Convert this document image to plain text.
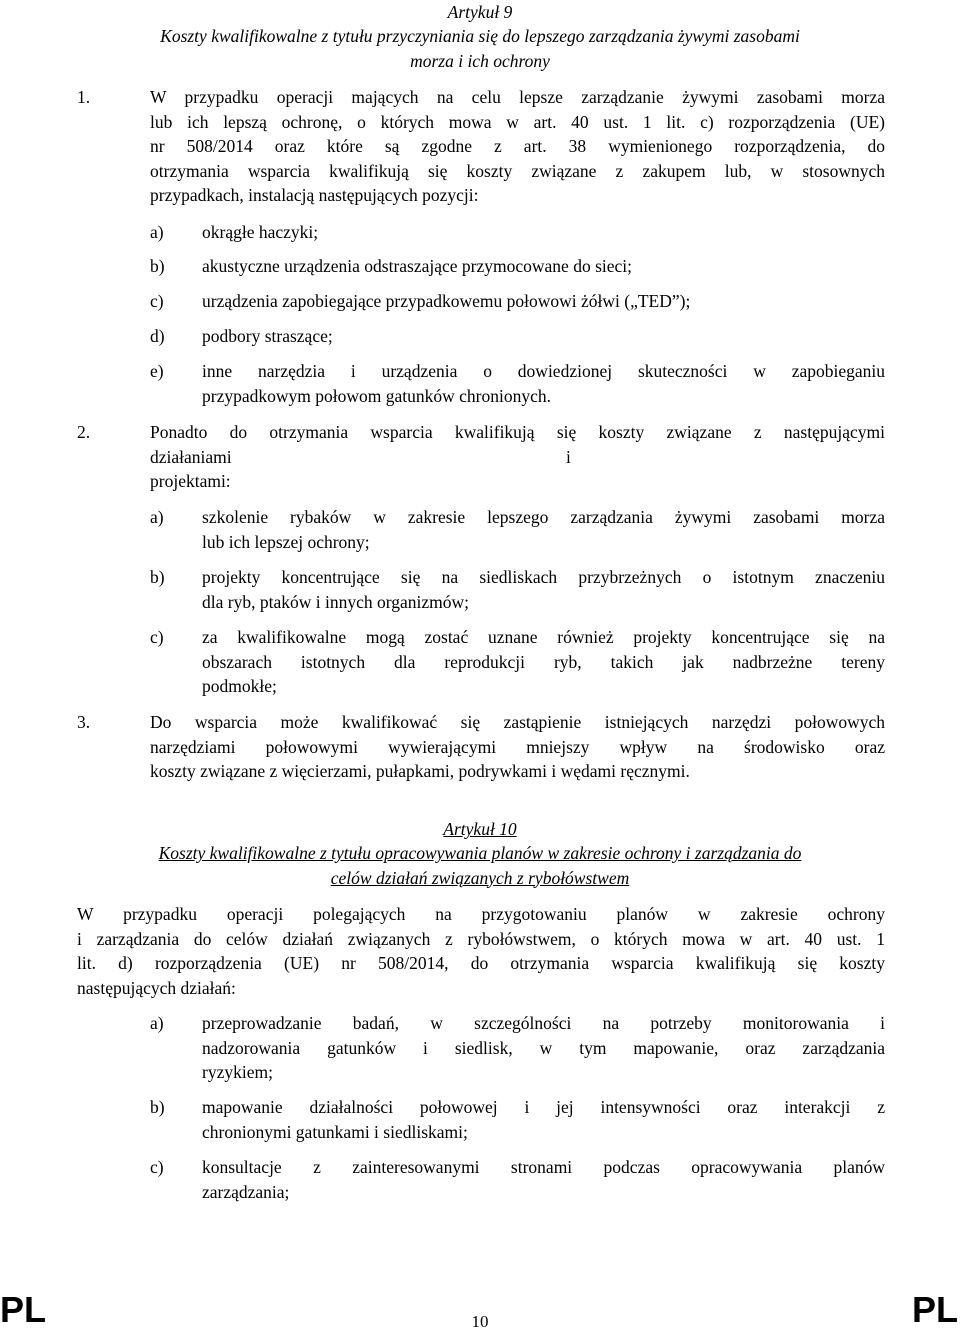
Artykuł 9
Koszty kwalifikowalne z tytułu przyczyniania się do lepszego zarządzania żywymi zasobami
morza i ich ochrony
1.	W przypadku operacji mających na celu lepsze zarządzanie żywymi zasobami morza
lub ich lepszą ochronę, o których mowa w art. 40 ust. 1 lit. c) rozporządzenia (UE)
nr 508/2014 oraz które są zgodne z art. 38 wymienionego rozporządzenia, do
otrzymania wsparcia kwalifikują się koszty związane z zakupem lub, w stosownych
przypadkach, instalacją następujących pozycji:
a) okrągłe haczyki;
b) akustyczne urządzenia odstraszające przymocowane do sieci;
c) urządzenia zapobiegające przypadkowemu połowowi żółwi („TED”);
d) podbory straszące;
e) inne narzędzia i urządzenia o dowiedzionej skuteczności w zapobieganiu
przypadkowym połowom gatunków chronionych.
2.	Ponadto do otrzymania wsparcia kwalifikują się koszty związane z następującymi
działaniami i projektami:
a) szkolenie rybaków w zakresie lepszego zarządzania żywymi zasobami morza
lub ich lepszej ochrony;
b) projekty koncentrujące się na siedliskach przybrzeżnych o istotnym znaczeniu
dla ryb, ptaków i innych organizmów;
c) za kwalifikowalne mogą zostać uznane również projekty koncentrujące się na
obszarach istotnych dla reprodukcji ryb, takich jak nadbrzeżne tereny
podmokłe;
3.	Do wsparcia może kwalifikować się zastąpienie istniejących narzędzi połowowych
narzędziami połowowymi wywierającymi mniejszy wpływ na środowisko oraz
koszty związane z więcierzami, pułapkami, podrywkami i wędami ręcznymi.
Artykuł 10
Koszty kwalifikowalne z tytułu opracowywania planów w zakresie ochrony i zarządzania do
celów działań związanych z rybołówstwem
W przypadku operacji polegających na przygotowaniu planów w zakresie ochrony
i zarządzania do celów działań związanych z rybołówstwem, o których mowa w art. 40 ust. 1
lit. d) rozporządzenia (UE) nr 508/2014, do otrzymania wsparcia kwalifikują się koszty
następujących działań:
a) przeprowadzanie badań, w szczególności na potrzeby monitorowania i
nadzorowania gatunków i siedlisk, w tym mapowanie, oraz zarządzania
ryzykiem;
b) mapowanie działalności połowowej i jej intensywności oraz interakcji z
chronionymi gatunkami i siedliskami;
c) konsultacje z zainteresowanymi stronami podczas opracowywania planów
zarządzania;
PL	10	PL
